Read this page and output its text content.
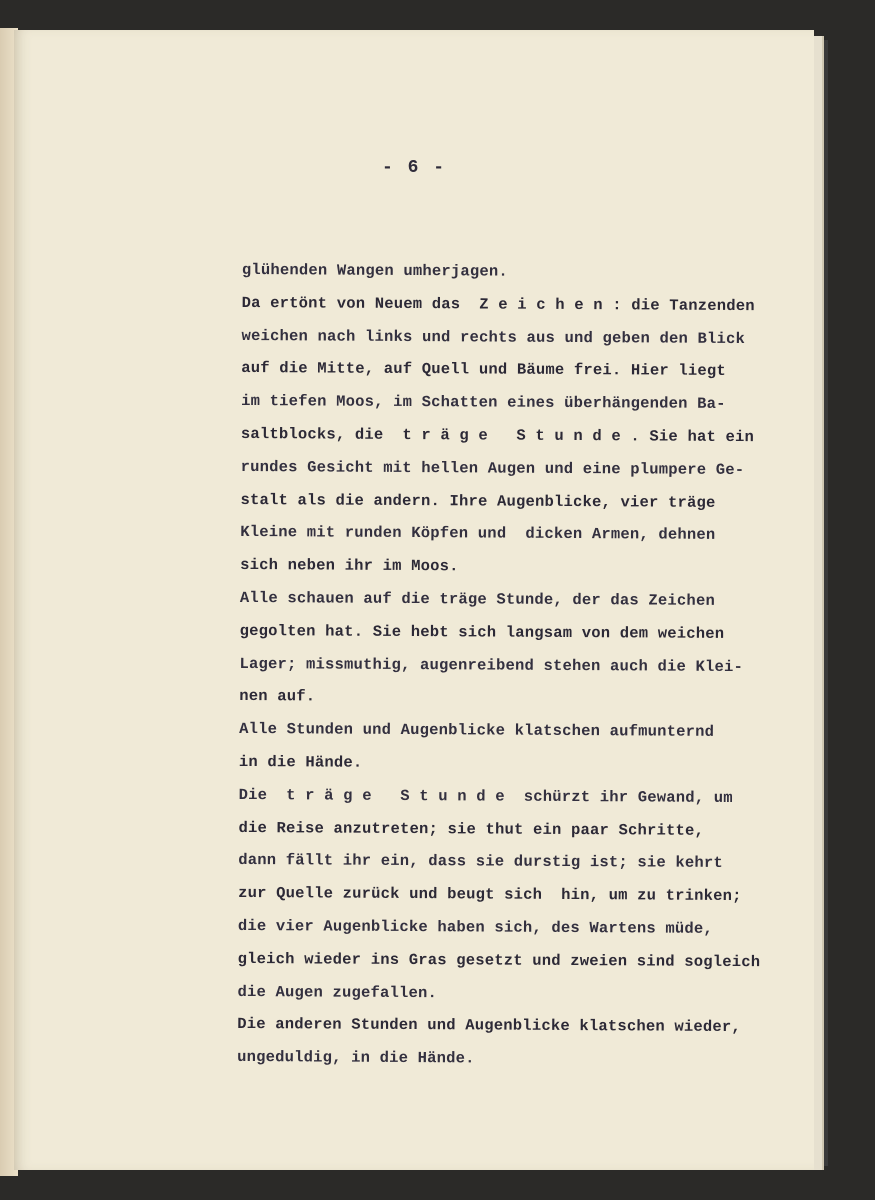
- 6 -
glühenden Wangen umherjagen.
Da ertönt von Neuem das  Z e i c h e n : die Tanzenden
weichen nach links und rechts aus und geben den Blick
auf die Mitte, auf Quell und Bäume frei. Hier liegt
im tiefen Moos, im Schatten eines überhängenden Ba-
saltblocks, die  t r ä g e   S t u n d e . Sie hat ein
rundes Gesicht mit hellen Augen und eine plumpere Ge-
stalt als die andern. Ihre Augenblicke, vier träge
Kleine mit runden Köpfen und  dicken Armen, dehnen
sich neben ihr im Moos.
Alle schauen auf die träge Stunde, der das Zeichen
gegolten hat. Sie hebt sich langsam von dem weichen
Lager; missmuthig, augenreibend stehen auch die Klei-
nen auf.
Alle Stunden und Augenblicke klatschen aufmunternd
in die Hände.
Die  t r ä g e   S t u n d e  schürzt ihr Gewand, um
die Reise anzutreten; sie thut ein paar Schritte,
dann fällt ihr ein, dass sie durstig ist; sie kehrt
zur Quelle zurück und beugt sich  hin, um zu trinken;
die vier Augenblicke haben sich, des Wartens müde,
gleich wieder ins Gras gesetzt und zweien sind sogleich
die Augen zugefallen.
Die anderen Stunden und Augenblicke klatschen wieder,
ungeduldig, in die Hände.
